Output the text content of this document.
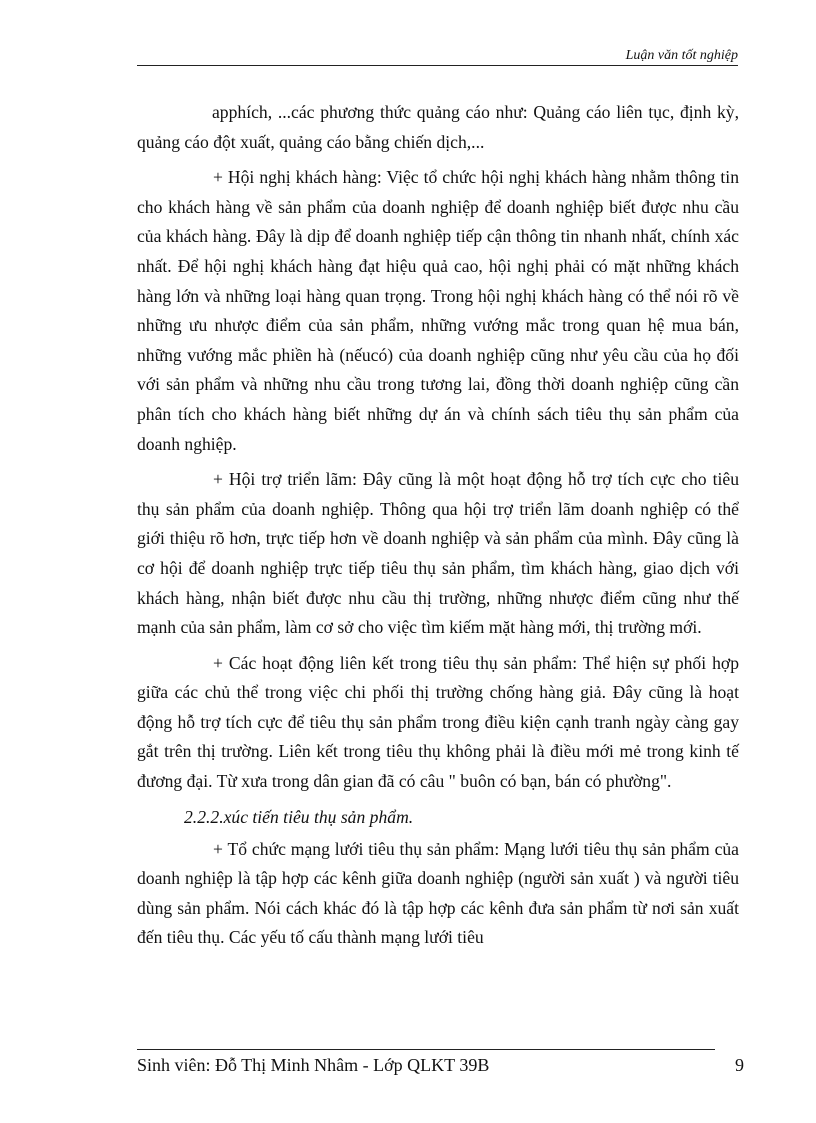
Luận văn tốt nghiệp

apphích, ...các phương thức quảng cáo như: Quảng cáo liên tục, định kỳ, quảng cáo đột xuất, quảng cáo bằng chiến dịch,...

+ Hội nghị khách hàng: Việc tổ chức hội nghị khách hàng nhằm thông tin cho khách hàng về sản phẩm của doanh nghiệp để doanh nghiệp biết được nhu cầu của khách hàng. Đây là dịp để doanh nghiệp tiếp cận thông tin nhanh nhất, chính xác nhất. Để hội nghị khách hàng đạt hiệu quả cao, hội nghị phải có mặt những khách hàng lớn và những loại hàng quan trọng. Trong hội nghị khách hàng có thể nói rõ về những ưu nhược điểm của sản phẩm, những vướng mắc trong quan hệ mua bán, những vướng mắc phiền hà (nếucó) của doanh nghiệp cũng như yêu cầu của họ đối với sản phẩm và những nhu cầu trong tương lai, đồng thời doanh nghiệp cũng cần phân tích cho khách hàng biết những dự án và chính sách tiêu thụ sản phẩm của doanh nghiệp.

+ Hội trợ triển lãm: Đây cũng là một hoạt động hỗ trợ tích cực cho tiêu thụ sản phẩm của doanh nghiệp. Thông qua hội trợ triển lãm doanh nghiệp có thể giới thiệu rõ hơn, trực tiếp hơn về doanh nghiệp và sản phẩm của mình. Đây cũng là cơ hội để doanh nghiệp trực tiếp tiêu thụ sản phẩm, tìm khách hàng, giao dịch với khách hàng, nhận biết được nhu cầu thị trường, những nhược điểm cũng như thế mạnh của sản phẩm, làm cơ sở cho việc tìm kiếm mặt hàng mới, thị trường mới.

+ Các hoạt động liên kết trong tiêu thụ sản phẩm: Thể hiện sự phối hợp giữa các chủ thể trong việc chi phối thị trường chống hàng giả. Đây cũng là hoạt động hỗ trợ tích cực để tiêu thụ sản phẩm trong điều kiện cạnh tranh ngày càng gay gắt trên thị trường. Liên kết trong tiêu thụ không phải là điều mới mẻ trong kinh tế đương đại. Từ xưa trong dân gian đã có câu " buôn có bạn, bán có phường".

2.2.2.xúc tiến tiêu thụ sản phẩm.

+ Tổ chức mạng lưới tiêu thụ sản phẩm: Mạng lưới tiêu thụ sản phẩm của doanh nghiệp là tập hợp các kênh giữa doanh nghiệp (người sản xuất ) và người tiêu dùng sản phẩm. Nói cách khác đó là tập hợp các kênh đưa sản phẩm từ nơi sản xuất đến tiêu thụ. Các yếu tố cấu thành mạng lưới tiêu

Sinh viên: Đỗ Thị Minh Nhâm - Lớp QLKT 39B	9
